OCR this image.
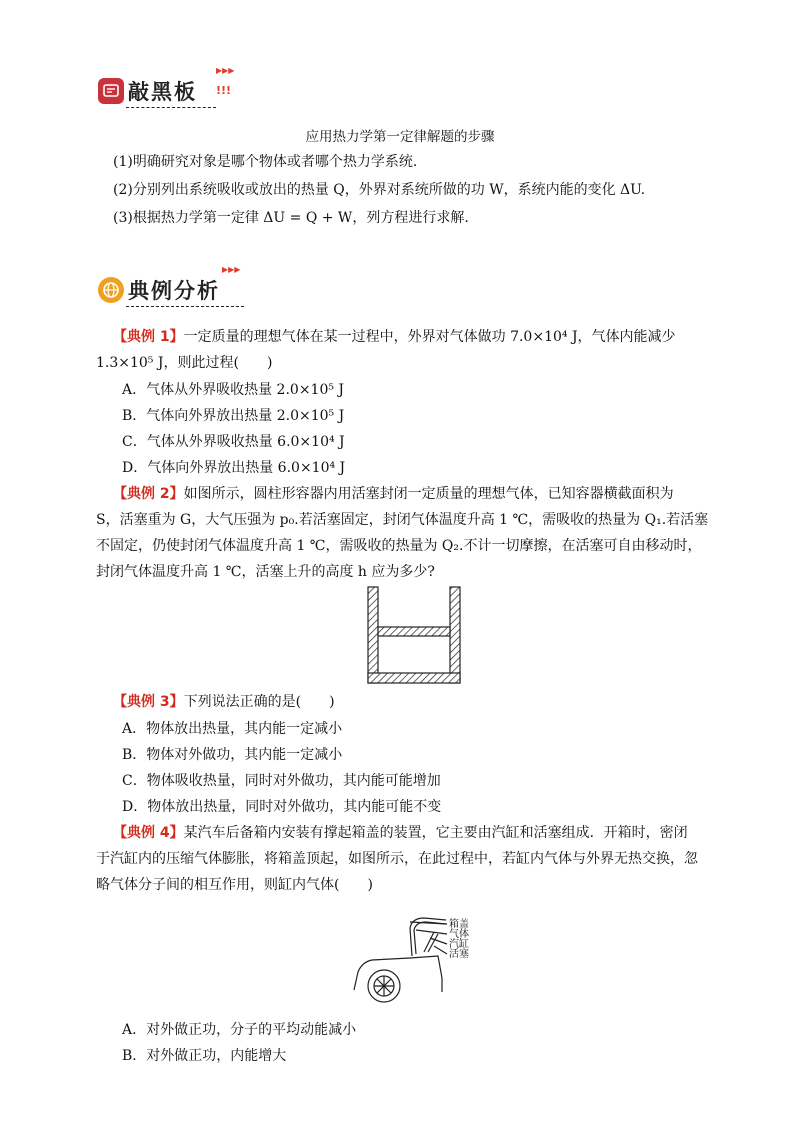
敲黑板
▶▶▶
!!!
应用热力学第一定律解题的步骤
(1)明确研究对象是哪个物体或者哪个热力学系统.
(2)分别列出系统吸收或放出的热量 Q，外界对系统所做的功 W，系统内能的变化 ΔU.
(3)根据热力学第一定律 ΔU = Q + W，列方程进行求解.
典例分析
▶▶▶
【典例 1】一定质量的理想气体在某一过程中，外界对气体做功 7.0×10⁴ J，气体内能减少
1.3×10⁵ J，则此过程(　　)
A．气体从外界吸收热量 2.0×10⁵ J
B．气体向外界放出热量 2.0×10⁵ J
C．气体从外界吸收热量 6.0×10⁴ J
D．气体向外界放出热量 6.0×10⁴ J
【典例 2】如图所示，圆柱形容器内用活塞封闭一定质量的理想气体，已知容器横截面积为
S，活塞重为 G，大气压强为 p₀.若活塞固定，封闭气体温度升高 1 ℃，需吸收的热量为 Q₁.若活塞
不固定，仍使封闭气体温度升高 1 ℃，需吸收的热量为 Q₂.不计一切摩擦，在活塞可自由移动时，
封闭气体温度升高 1 ℃，活塞上升的高度 h 应为多少?
【典例 3】下列说法正确的是(　　)
A．物体放出热量，其内能一定减小
B．物体对外做功，其内能一定减小
C．物体吸收热量，同时对外做功，其内能可能增加
D．物体放出热量，同时对外做功，其内能可能不变
【典例 4】某汽车后备箱内安装有撑起箱盖的装置，它主要由汽缸和活塞组成．开箱时，密闭
于汽缸内的压缩气体膨胀，将箱盖顶起，如图所示，在此过程中，若缸内气体与外界无热交换，忽
略气体分子间的相互作用，则缸内气体(　　)
箱盖
气体
汽缸
活塞
A．对外做正功，分子的平均动能减小
B．对外做正功，内能增大
